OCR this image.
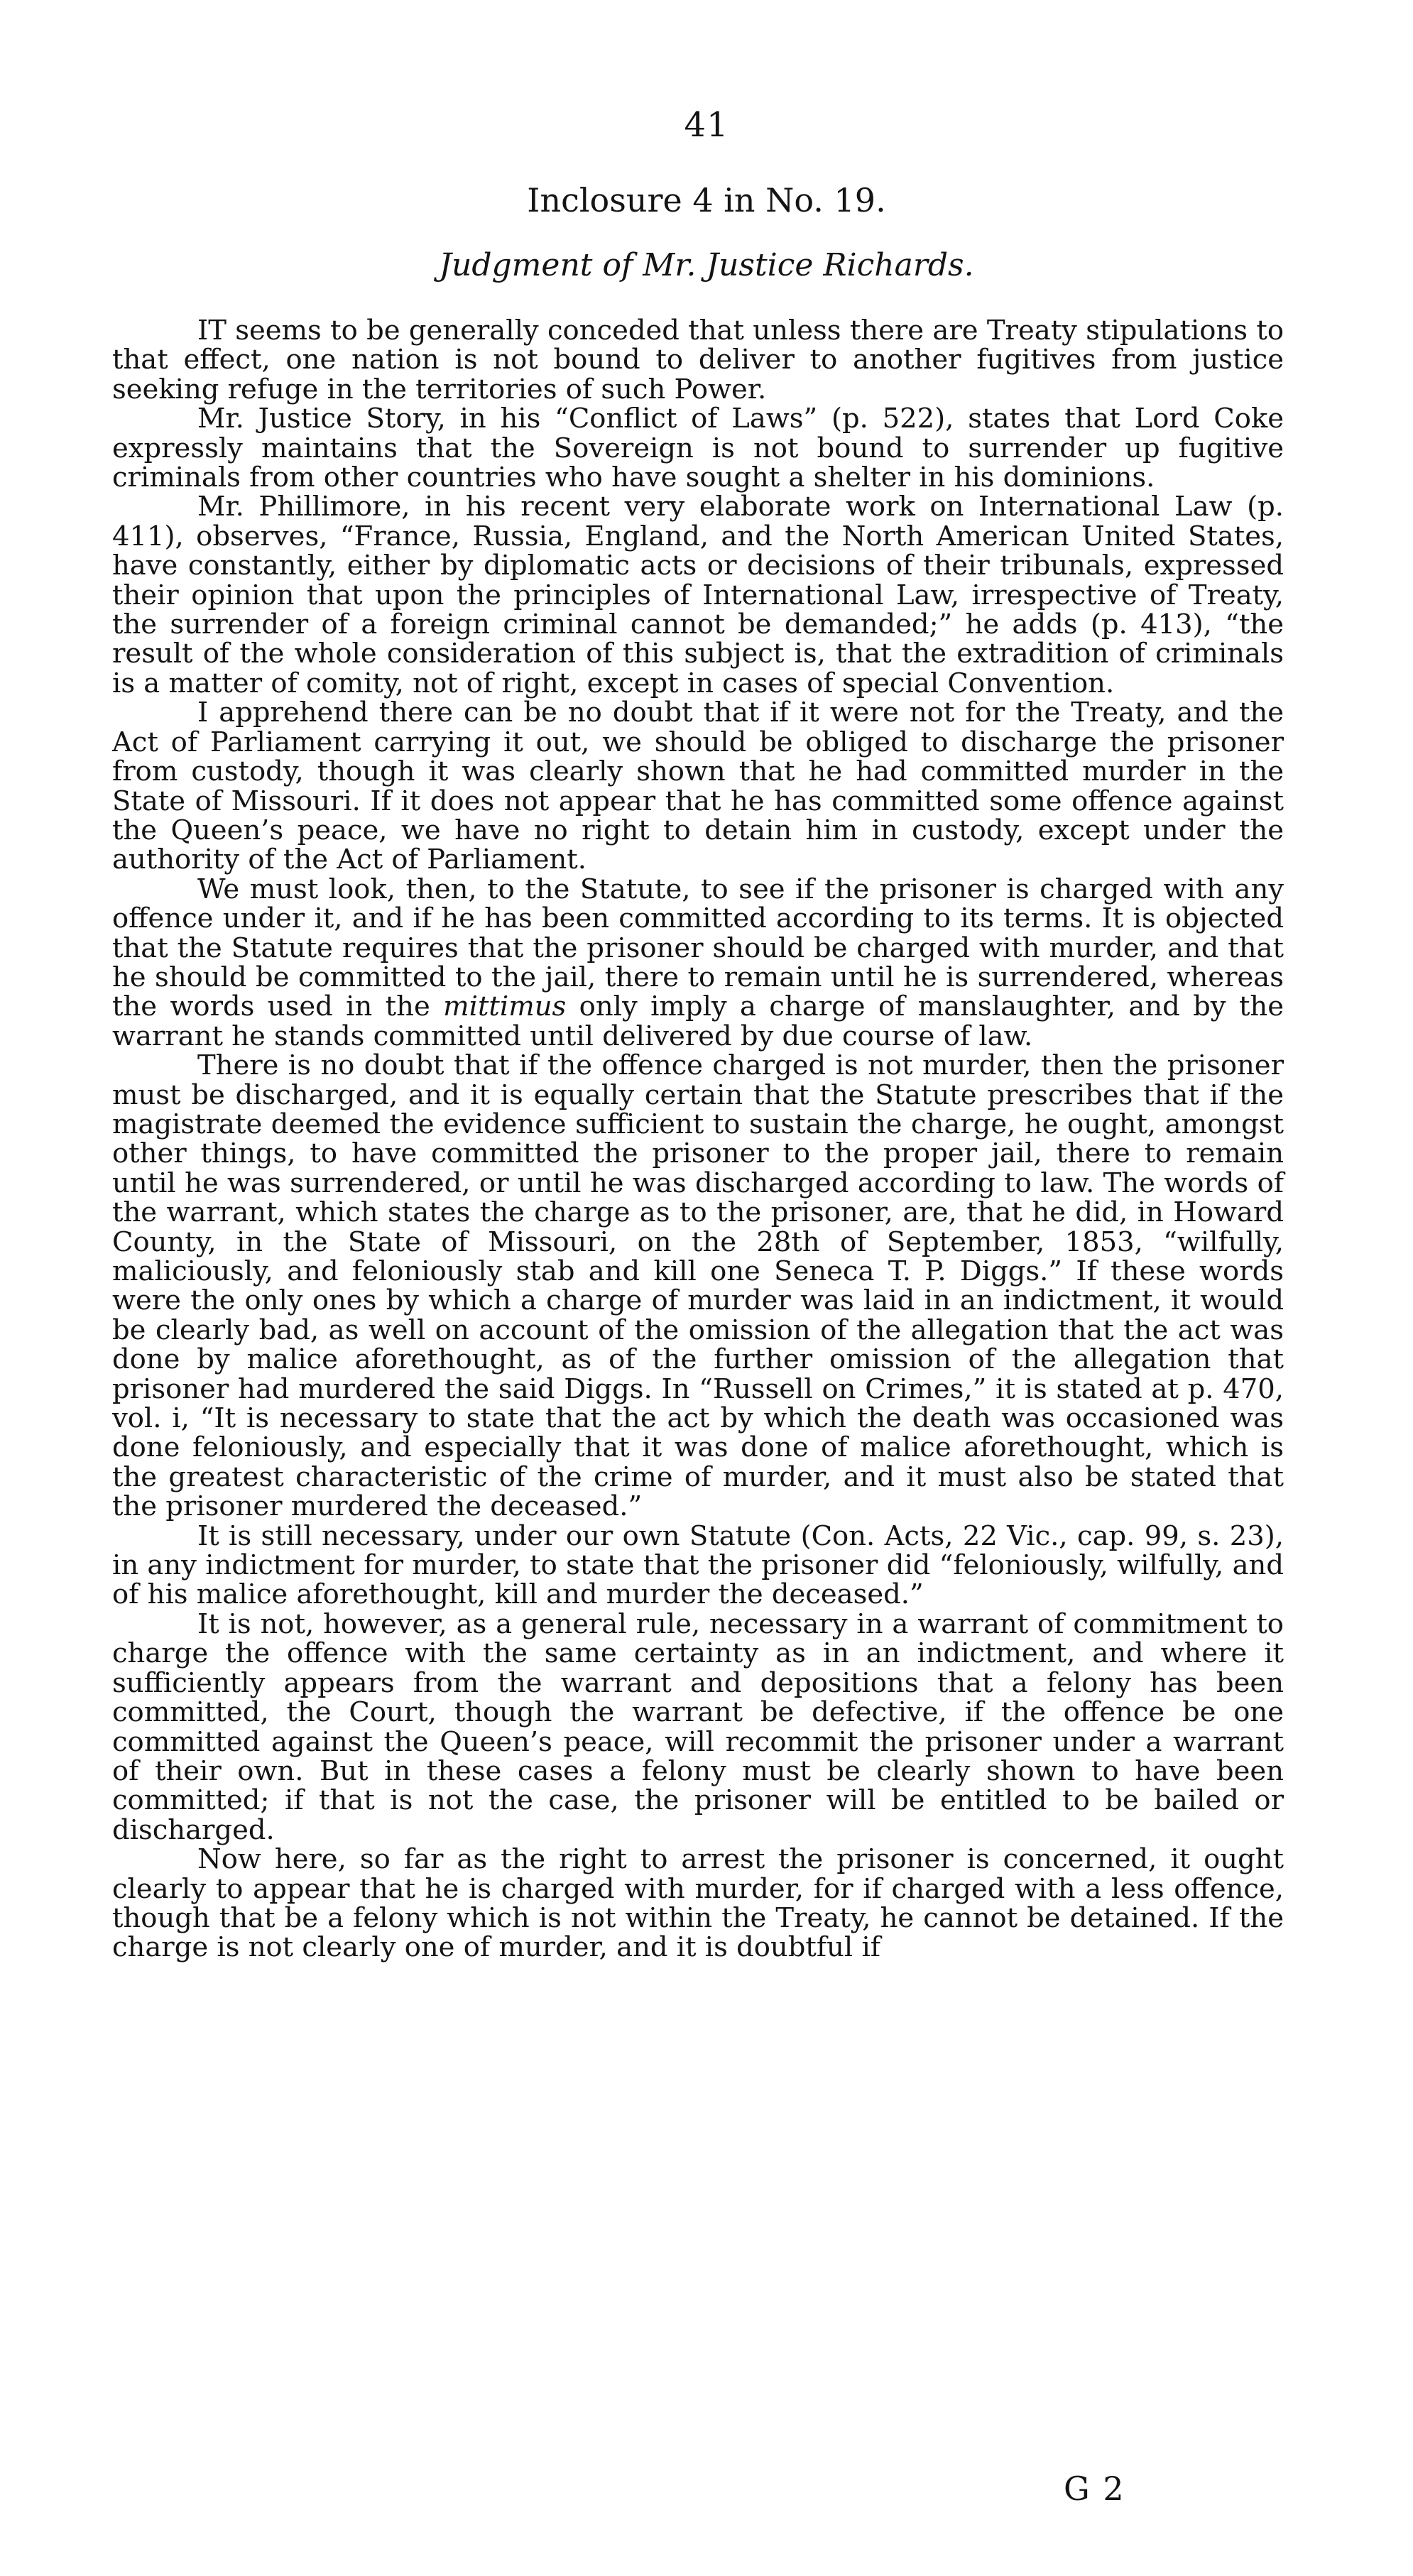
41
Inclosure 4 in No. 19.
Judgment of Mr. Justice Richards.

IT seems to be generally conceded that unless there are Treaty stipulations to that effect, one nation is not bound to deliver to another fugitives from justice seeking refuge in the territories of such Power.

Mr. Justice Story, in his “Conflict of Laws” (p. 522), states that Lord Coke expressly maintains that the Sovereign is not bound to surrender up fugitive criminals from other countries who have sought a shelter in his dominions.

Mr. Phillimore, in his recent very elaborate work on International Law (p. 411), observes, “France, Russia, England, and the North American United States, have constantly, either by diplomatic acts or decisions of their tribunals, expressed their opinion that upon the principles of International Law, irrespective of Treaty, the surrender of a foreign criminal cannot be demanded;” he adds (p. 413), “the result of the whole consideration of this subject is, that the extradition of criminals is a matter of comity, not of right, except in cases of special Convention.

I apprehend there can be no doubt that if it were not for the Treaty, and the Act of Parliament carrying it out, we should be obliged to discharge the prisoner from custody, though it was clearly shown that he had committed murder in the State of Missouri. If it does not appear that he has committed some offence against the Queen’s peace, we have no right to detain him in custody, except under the authority of the Act of Parliament.

We must look, then, to the Statute, to see if the prisoner is charged with any offence under it, and if he has been committed according to its terms. It is objected that the Statute requires that the prisoner should be charged with murder, and that he should be committed to the jail, there to remain until he is surrendered, whereas the words used in the mittimus only imply a charge of manslaughter, and by the warrant he stands committed until delivered by due course of law.

There is no doubt that if the offence charged is not murder, then the prisoner must be discharged, and it is equally certain that the Statute prescribes that if the magistrate deemed the evidence sufficient to sustain the charge, he ought, amongst other things, to have committed the prisoner to the proper jail, there to remain until he was surrendered, or until he was discharged according to law. The words of the warrant, which states the charge as to the prisoner, are, that he did, in Howard County, in the State of Missouri, on the 28th of September, 1853, “wilfully, maliciously, and feloniously stab and kill one Seneca T. P. Diggs.” If these words were the only ones by which a charge of murder was laid in an indictment, it would be clearly bad, as well on account of the omission of the allegation that the act was done by malice aforethought, as of the further omission of the allegation that prisoner had murdered the said Diggs. In “Russell on Crimes,” it is stated at p. 470, vol. i, “It is necessary to state that the act by which the death was occasioned was done feloniously, and especially that it was done of malice aforethought, which is the greatest characteristic of the crime of murder, and it must also be stated that the prisoner murdered the deceased.”

It is still necessary, under our own Statute (Con. Acts, 22 Vic., cap. 99, s. 23), in any indictment for murder, to state that the prisoner did “feloniously, wilfully, and of his malice aforethought, kill and murder the deceased.”

It is not, however, as a general rule, necessary in a warrant of commitment to charge the offence with the same certainty as in an indictment, and where it sufficiently appears from the warrant and depositions that a felony has been committed, the Court, though the warrant be defective, if the offence be one committed against the Queen’s peace, will recommit the prisoner under a warrant of their own. But in these cases a felony must be clearly shown to have been committed; if that is not the case, the prisoner will be entitled to be bailed or discharged.

Now here, so far as the right to arrest the prisoner is concerned, it ought clearly to appear that he is charged with murder, for if charged with a less offence, though that be a felony which is not within the Treaty, he cannot be detained. If the charge is not clearly one of murder, and it is doubtful if

G 2
